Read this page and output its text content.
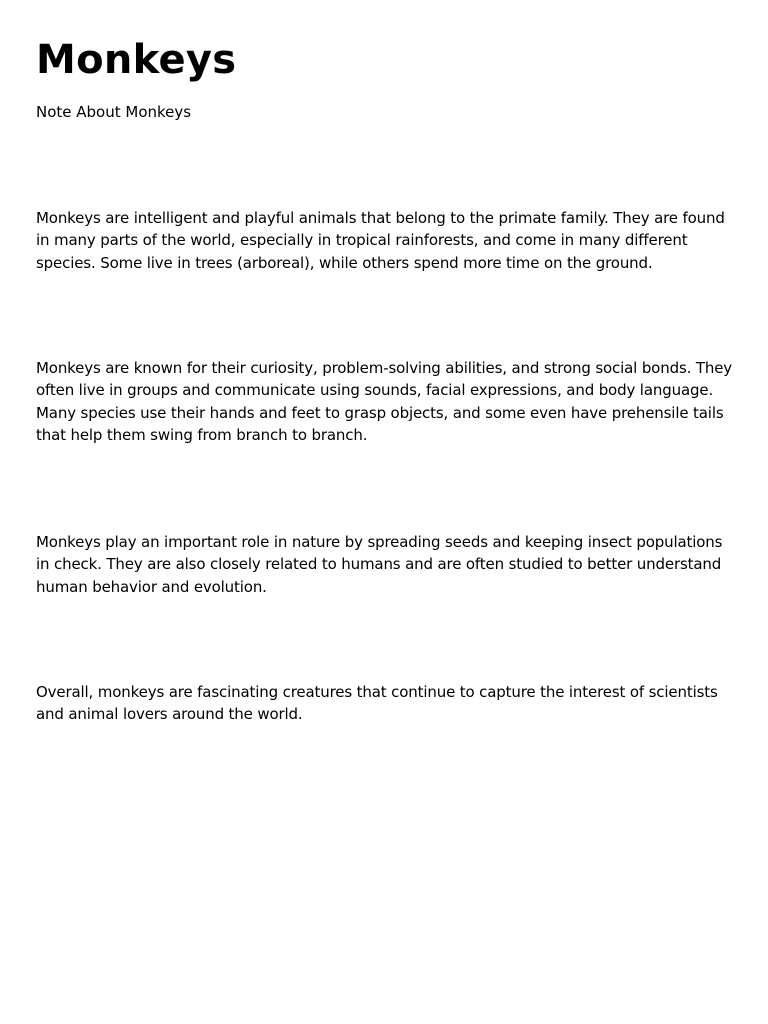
Monkeys

Note About Monkeys

Monkeys are intelligent and playful animals that belong to the primate family. They are found in many parts of the world, especially in tropical rainforests, and come in many different species. Some live in trees (arboreal), while others spend more time on the ground.

Monkeys are known for their curiosity, problem-solving abilities, and strong social bonds. They often live in groups and communicate using sounds, facial expressions, and body language. Many species use their hands and feet to grasp objects, and some even have prehensile tails that help them swing from branch to branch.

Monkeys play an important role in nature by spreading seeds and keeping insect populations in check. They are also closely related to humans and are often studied to better understand human behavior and evolution.

Overall, monkeys are fascinating creatures that continue to capture the interest of scientists and animal lovers around the world.
